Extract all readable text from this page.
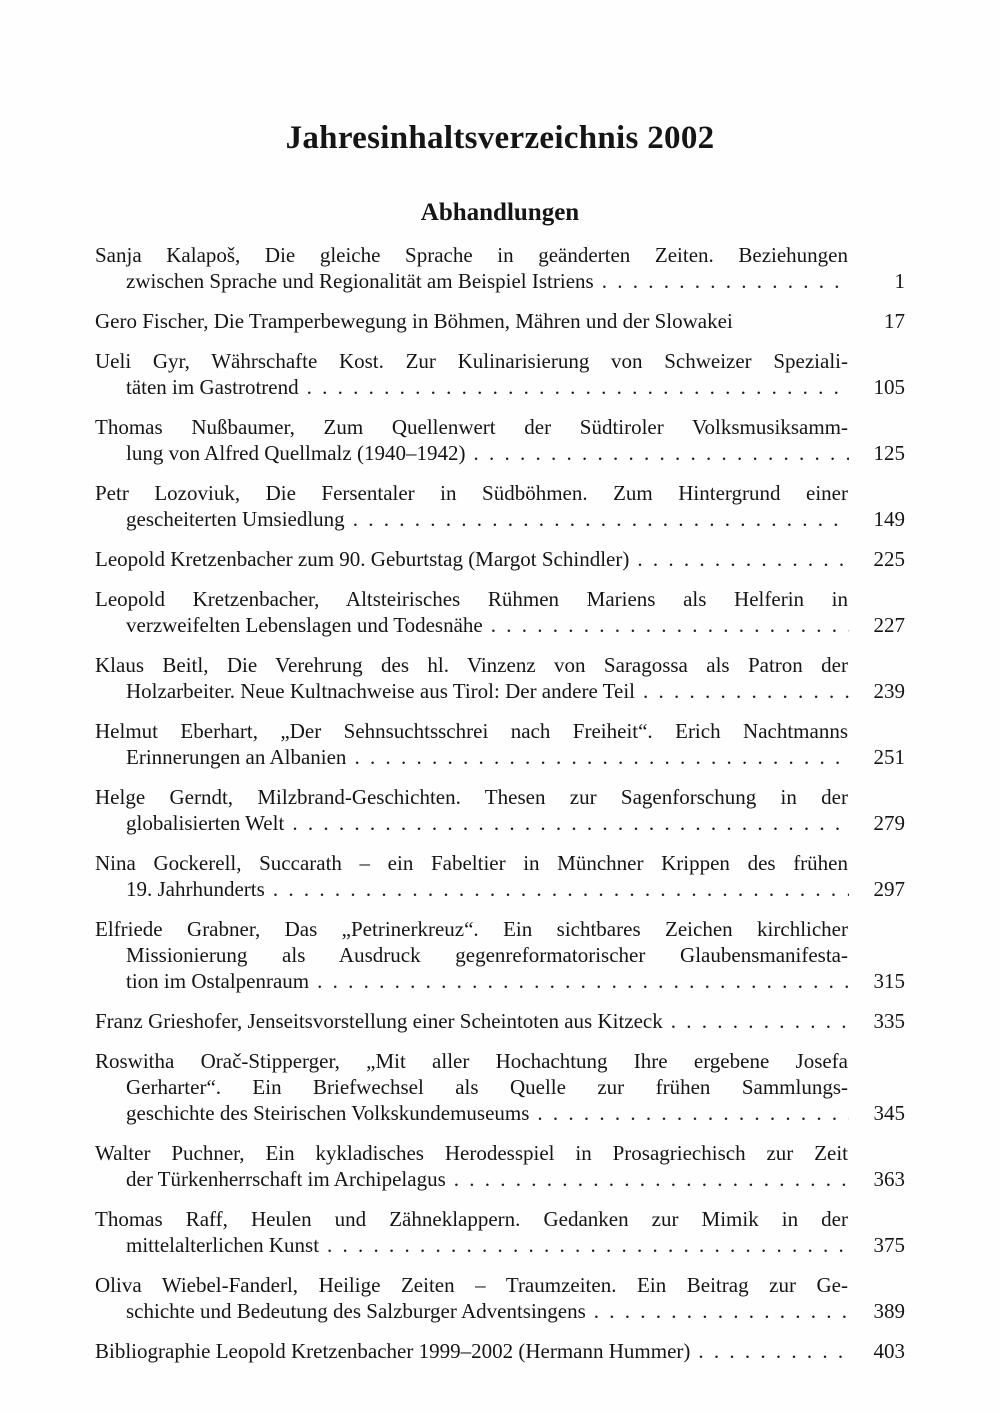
Jahresinhaltsverzeichnis 2002
Abhandlungen
Sanja Kalapoš, Die gleiche Sprache in geänderten Zeiten. Beziehungen
zwischen Sprache und Regionalität am Beispiel Istriens . . .	1
Gero Fischer, Die Tramperbewegung in Böhmen, Mähren und der Slowakei	17
Ueli Gyr, Währschafte Kost. Zur Kulinarisierung von Schweizer Speziali-
täten im Gastrotrend . . .	105
Thomas Nußbaumer, Zum Quellenwert der Südtiroler Volksmusiksamm-
lung von Alfred Quellmalz (1940–1942) . . .	125
Petr Lozoviuk, Die Fersentaler in Südböhmen. Zum Hintergrund einer
gescheiterten Umsiedlung . . .	149
Leopold Kretzenbacher zum 90. Geburtstag (Margot Schindler) . . .	225
Leopold Kretzenbacher, Altsteirisches Rühmen Mariens als Helferin in
verzweifelten Lebenslagen und Todesnähe . . .	227
Klaus Beitl, Die Verehrung des hl. Vinzenz von Saragossa als Patron der
Holzarbeiter. Neue Kultnachweise aus Tirol: Der andere Teil . . .	239
Helmut Eberhart, „Der Sehnsuchtsschrei nach Freiheit“. Erich Nachtmanns
Erinnerungen an Albanien . . .	251
Helge Gerndt, Milzbrand-Geschichten. Thesen zur Sagenforschung in der
globalisierten Welt . . .	279
Nina Gockerell, Succarath – ein Fabeltier in Münchner Krippen des frühen
19. Jahrhunderts . . .	297
Elfriede Grabner, Das „Petrinerkreuz“. Ein sichtbares Zeichen kirchlicher
Missionierung als Ausdruck gegenreformatorischer Glaubensmanifesta-
tion im Ostalpenraum . . .	315
Franz Grieshofer, Jenseitsvorstellung einer Scheintoten aus Kitzeck . . .	335
Roswitha Orač-Stipperger, „Mit aller Hochachtung Ihre ergebene Josefa
Gerharter“. Ein Briefwechsel als Quelle zur frühen Sammlungs-
geschichte des Steirischen Volkskundemuseums . . .	345
Walter Puchner, Ein kykladisches Herodesspiel in Prosagriechisch zur Zeit
der Türkenherrschaft im Archipelagus . . .	363
Thomas Raff, Heulen und Zähneklappern. Gedanken zur Mimik in der
mittelalterlichen Kunst . . .	375
Oliva Wiebel-Fanderl, Heilige Zeiten – Traumzeiten. Ein Beitrag zur Ge-
schichte und Bedeutung des Salzburger Adventsingens . . .	389
Bibliographie Leopold Kretzenbacher 1999–2002 (Hermann Hummer) . . .	403
